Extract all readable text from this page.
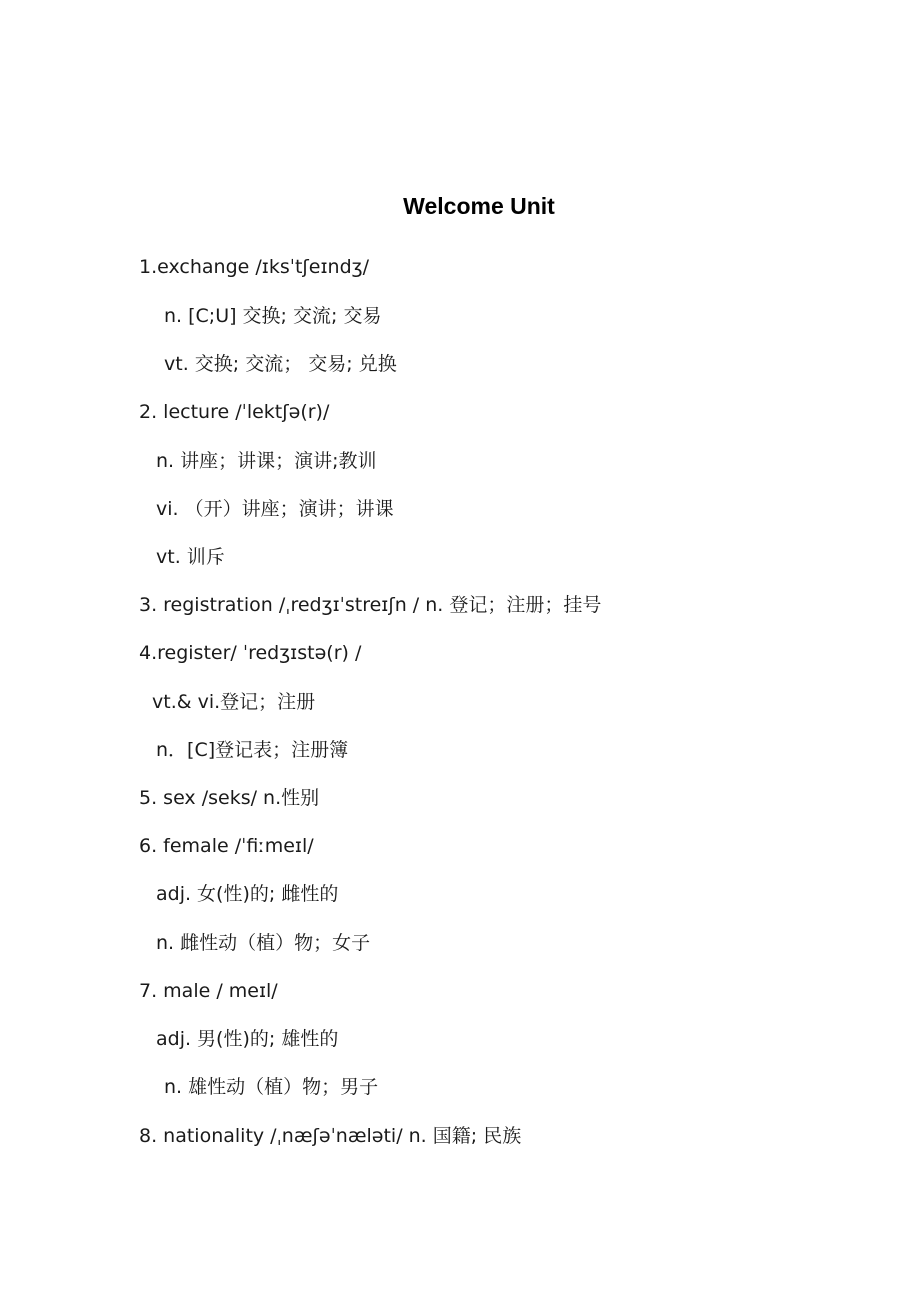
Welcome Unit
1.exchange /ɪksˈtʃeɪndʒ/
n. [C;U] 交换; 交流; 交易
vt. 交换; 交流； 交易; 兑换
2. lecture /ˈlektʃə(r)/
n. 讲座；讲课；演讲;教训
vi. （开）讲座；演讲；讲课
vt. 训斥
3. registration /ˌredʒɪˈstreɪʃn / n. 登记；注册；挂号
4.register/ ˈredʒɪstə(r) /
vt.& vi.登记；注册
n．[C]登记表；注册簿
5. sex /seks/ n.性别
6. female /ˈfiːmeɪl/
adj. 女(性)的; 雌性的
n. 雌性动（植）物；女子
7. male / meɪl/
adj. 男(性)的; 雄性的
n. 雄性动（植）物；男子
8. nationality /ˌnæʃəˈnæləti/ n. 国籍; 民族
